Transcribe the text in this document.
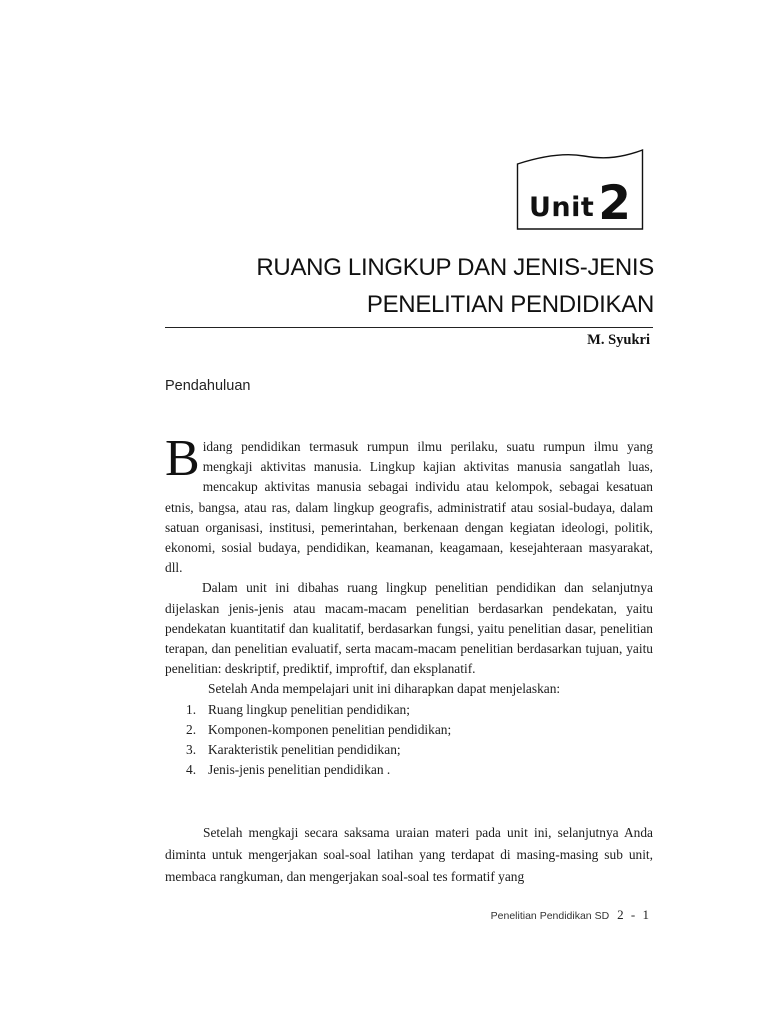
Unit2
RUANG LINGKUP DAN JENIS-JENIS
PENELITIAN PENDIDIKAN
M. Syukri
Pendahuluan

Bidang pendidikan termasuk rumpun ilmu perilaku, suatu rumpun ilmu yang mengkaji aktivitas manusia. Lingkup kajian aktivitas manusia sangatlah luas, mencakup aktivitas manusia sebagai individu atau kelompok, sebagai kesatuan etnis, bangsa, atau ras, dalam lingkup geografis, administratif atau sosial-budaya, dalam satuan organisasi, institusi, pemerintahan, berkenaan dengan kegiatan ideologi, politik, ekonomi, sosial budaya, pendidikan, keamanan, keagamaan, kesejahteraan masyarakat, dll.

Dalam unit ini dibahas ruang lingkup penelitian pendidikan dan selanjutnya dijelaskan jenis-jenis atau macam-macam penelitian berdasarkan pendekatan, yaitu pendekatan kuantitatif dan kualitatif, berdasarkan fungsi, yaitu penelitian dasar, penelitian terapan, dan penelitian evaluatif, serta macam-macam penelitian berdasarkan tujuan, yaitu penelitian: deskriptif, prediktif, improftif, dan eksplanatif.

Setelah Anda mempelajari unit ini diharapkan dapat menjelaskan:

1. Ruang lingkup penelitian pendidikan;
2. Komponen-komponen penelitian pendidikan;
3. Karakteristik penelitian pendidikan;
4. Jenis-jenis penelitian pendidikan .

Setelah mengkaji secara saksama uraian materi pada unit ini, selanjutnya Anda diminta untuk mengerjakan soal-soal latihan yang terdapat di masing-masing sub unit, membaca rangkuman, dan mengerjakan soal-soal tes formatif yang

Penelitian Pendidikan SD 2 - 1
